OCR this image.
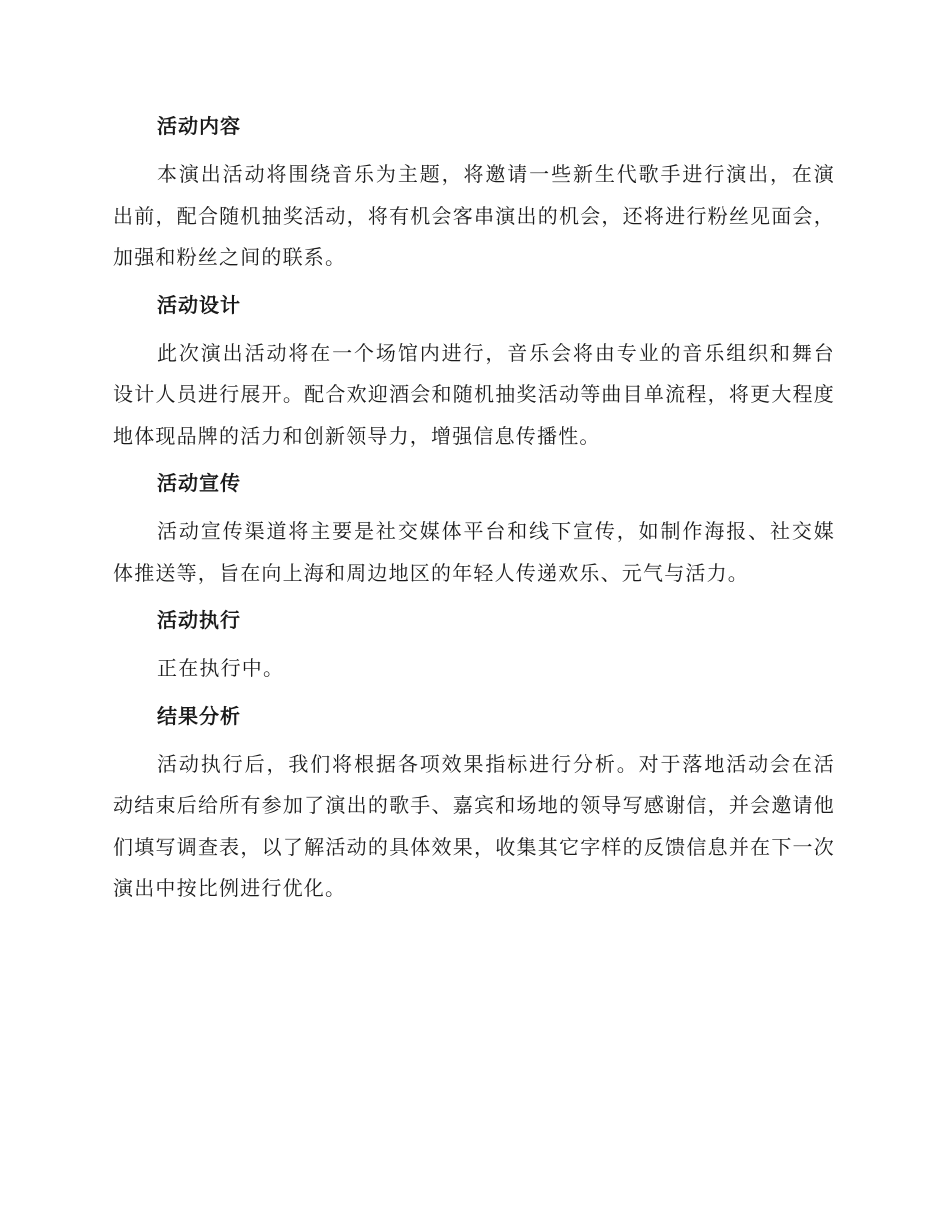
活动内容

本演出活动将围绕音乐为主题，将邀请一些新生代歌手进行演出，在演出前，配合随机抽奖活动，将有机会客串演出的机会，还将进行粉丝见面会，加强和粉丝之间的联系。

活动设计

此次演出活动将在一个场馆内进行，音乐会将由专业的音乐组织和舞台设计人员进行展开。配合欢迎酒会和随机抽奖活动等曲目单流程，将更大程度地体现品牌的活力和创新领导力，增强信息传播性。

活动宣传

活动宣传渠道将主要是社交媒体平台和线下宣传，如制作海报、社交媒体推送等，旨在向上海和周边地区的年轻人传递欢乐、元气与活力。

活动执行

正在执行中。

结果分析

活动执行后，我们将根据各项效果指标进行分析。对于落地活动会在活动结束后给所有参加了演出的歌手、嘉宾和场地的领导写感谢信，并会邀请他们填写调查表，以了解活动的具体效果，收集其它字样的反馈信息并在下一次演出中按比例进行优化。
